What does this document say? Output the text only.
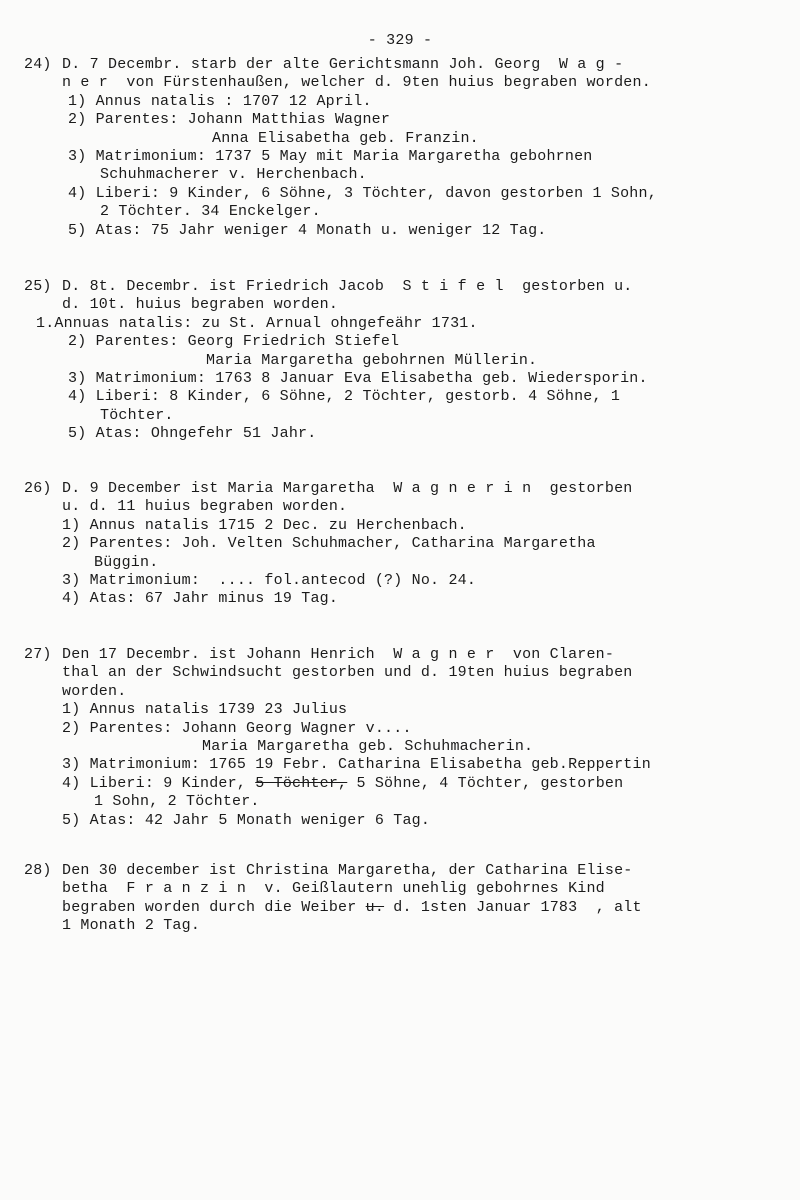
- 329 -
24) D. 7 Decembr. starb der alte Gerichtsmann Joh. Georg  W a g -
n e r  von Fürstenhaußen, welcher d. 9ten huius begraben worden.
1) Annus natalis : 1707 12 April.
2) Parentes: Johann Matthias Wagner
Anna Elisabetha geb. Franzin.
3) Matrimonium: 1737 5 May mit Maria Margaretha gebohrnen
Schuhmacherer v. Herchenbach.
4) Liberi: 9 Kinder, 6 Söhne, 3 Töchter, davon gestorben 1 Sohn,
2 Töchter. 34 Enckelger.
5) Atas: 75 Jahr weniger 4 Monath u. weniger 12 Tag.
25) D. 8t. Decembr. ist Friedrich Jacob  S t i f e l  gestorben u.
d. 10t. huius begraben worden.
1.Annuas natalis: zu St. Arnual ohngefeähr 1731.
2) Parentes: Georg Friedrich Stiefel
Maria Margaretha gebohrnen Müllerin.
3) Matrimonium: 1763 8 Januar Eva Elisabetha geb. Wiedersporin.
4) Liberi: 8 Kinder, 6 Söhne, 2 Töchter, gestorb. 4 Söhne, 1
Töchter.
5) Atas: Ohngefehr 51 Jahr.
26) D. 9 December ist Maria Margaretha  W a g n e r i n  gestorben
u. d. 11 huius begraben worden.
1) Annus natalis 1715 2 Dec. zu Herchenbach.
2) Parentes: Joh. Velten Schuhmacher, Catharina Margaretha
Büggin.
3) Matrimonium:  .... fol.antecod (?) No. 24.
4) Atas: 67 Jahr minus 19 Tag.
27) Den 17 Decembr. ist Johann Henrich  W a g n e r  von Claren-
thal an der Schwindsucht gestorben und d. 19ten huius begraben
worden.
1) Annus natalis 1739 23 Julius
2) Parentes: Johann Georg Wagner v....
Maria Margaretha geb. Schuhmacherin.
3) Matrimonium: 1765 19 Febr. Catharina Elisabetha geb.Reppertin
4) Liberi: 9 Kinder, 5 Töchter, 5 Söhne, 4 Töchter, gestorben
1 Sohn, 2 Töchter.
5) Atas: 42 Jahr 5 Monath weniger 6 Tag.
28) Den 30 december ist Christina Margaretha, der Catharina Elise-
betha  F r a n z i n  v. Geißlautern unehlig gebohrnes Kind
begraben worden durch die Weiber u. d. 1sten Januar 1783  , alt
1 Monath 2 Tag.
